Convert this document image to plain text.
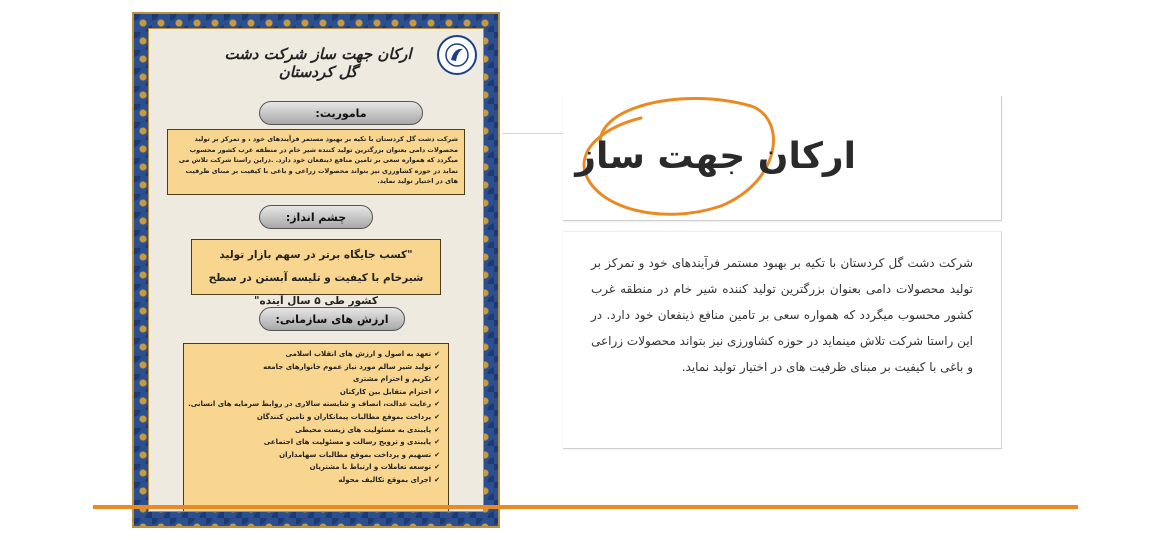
ارکان جهت ساز شرکت دشت گل کردستان
ماموریت:
شرکت دشت گل کردستان با تکیه بر بهبود مستمر فرآیندهای خود ، و تمرکز بر تولید محصولات دامی بعنوان بزرگترین تولید کننده شیر خام در منطقه غرب کشور محسوب میگردد که همواره سعی بر تامین منافع ذینفعان خود دارد. .دراین راستا شرکت تلاش می نماید در حوزه کشاورزی نیز بتواند محصولات زراعی و باغی با کیفیت بر مبنای ظرفیت های در اختیار تولید نماید.
چشم انداز:
"کسب جایگاه برتر در سهم بازار تولید شیرخام با کیفیت و تلیسه آبستن در سطح کشور طی ۵ سال آینده"
ارزش های سازمانی:
✔ تعهد به اصول و ارزش های انقلاب اسلامی
✔ تولید شیر سالم مورد نیاز عموم خانوارهای جامعه
✔ تکریم و احترام مشتری
✔ احترام متقابل بین کارکنان
✔ رعایت عدالت، انصاف و شایسته سالاری در روابط سرمایه های انسانی.
✔ پرداخت بموقع مطالبات پیمانکاران و تامین کنندگان
✔ پایبندی به مسئولیت های زیست محیطی
✔ پایبندی و ترویج رسالت و مسئولیت های اجتماعی
✔ تسهیم و پرداخت بموقع مطالبات سهامداران
✔ توسعه تعاملات و ارتباط با مشتریان
✔ اجرای بموقع تکالیف محوله
ارکان جهت ساز
شرکت دشت گل کردستان با تکیه بر بهبود مستمر فرآیندهای خود و تمرکز بر تولید محصولات دامی بعنوان بزرگترین تولید کننده شیر خام در منطقه غرب کشور محسوب میگردد که همواره سعی بر تامین منافع ذینفعان خود دارد. در این راستا شرکت تلاش مینماید در حوزه کشاورزی نیز بتواند محصولات زراعی و باغی با کیفیت بر مبنای ظرفیت های در اختیار تولید نماید.
